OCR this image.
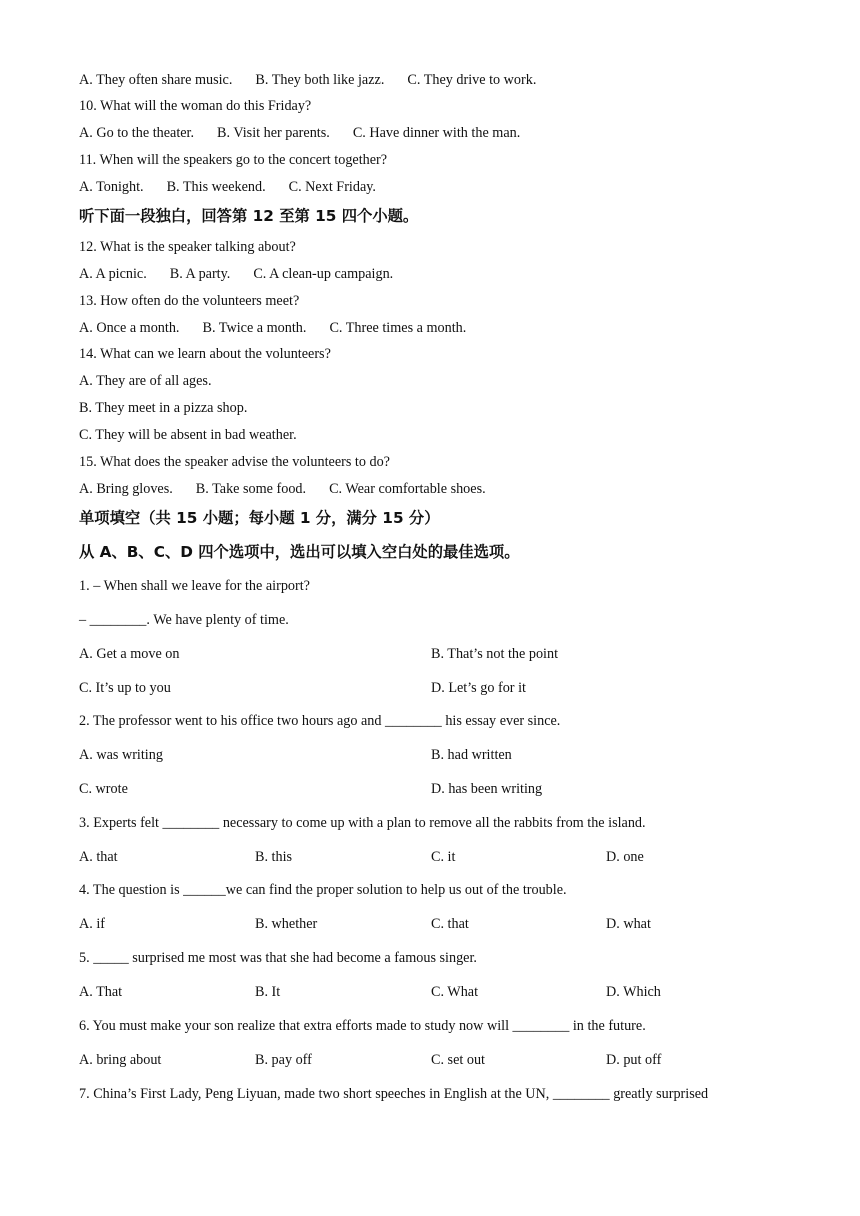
A. They often share music. B. They both like jazz. C. They drive to work.
10. What will the woman do this Friday?
A. Go to the theater. B. Visit her parents. C. Have dinner with the man.
11. When will the speakers go to the concert together?
A. Tonight. B. This weekend. C. Next Friday.
听下面一段独白，回答第 12 至第 15 四个小题。
12. What is the speaker talking about?
A. A picnic. B. A party. C. A clean-up campaign.
13. How often do the volunteers meet?
A. Once a month. B. Twice a month. C. Three times a month.
14. What can we learn about the volunteers?
A. They are of all ages.
B. They meet in a pizza shop.
C. They will be absent in bad weather.
15. What does the speaker advise the volunteers to do?
A. Bring gloves. B. Take some food. C. Wear comfortable shoes.
单项填空（共 15 小题；每小题 1 分，满分 15 分）
从 A、B、C、D 四个选项中，选出可以填入空白处的最佳选项。
1. – When shall we leave for the airport?
– ________. We have plenty of time.
A. Get a move on	B. That’s not the point
C. It’s up to you	D. Let’s go for it
2. The professor went to his office two hours ago and ________ his essay ever since.
A. was writing	B. had written
C. wrote	D. has been writing
3. Experts felt ________ necessary to come up with a plan to remove all the rabbits from the island.
A. that	B. this	C. it	D. one
4. The question is ______we can find the proper solution to help us out of the trouble.
A. if	B. whether	C. that	D. what
5. _____ surprised me most was that she had become a famous singer.
A. That	B. It	C. What	D. Which
6. You must make your son realize that extra efforts made to study now will ________ in the future.
A. bring about	B. pay off	C. set out	D. put off
7. China’s First Lady, Peng Liyuan, made two short speeches in English at the UN, ________ greatly surprised
